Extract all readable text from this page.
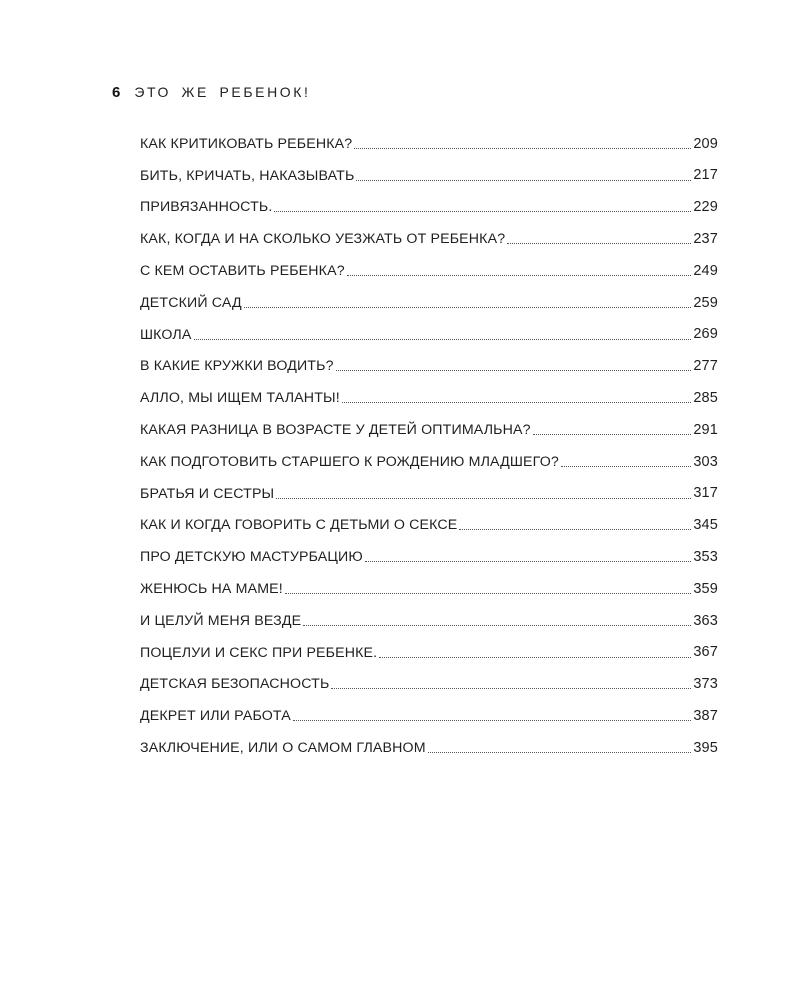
6 ЭТО ЖЕ РЕБЕНОК!
КАК КРИТИКОВАТЬ РЕБЕНКА?	209
БИТЬ, КРИЧАТЬ, НАКАЗЫВАТЬ	217
ПРИВЯЗАННОСТЬ.	229
КАК, КОГДА И НА СКОЛЬКО УЕЗЖАТЬ ОТ РЕБЕНКА?	237
С КЕМ ОСТАВИТЬ РЕБЕНКА?	249
ДЕТСКИЙ САД	259
ШКОЛА	269
В КАКИЕ КРУЖКИ ВОДИТЬ?	277
АЛЛО, МЫ ИЩЕМ ТАЛАНТЫ!	285
КАКАЯ РАЗНИЦА В ВОЗРАСТЕ У ДЕТЕЙ ОПТИМАЛЬНА?	291
КАК ПОДГОТОВИТЬ СТАРШЕГО К РОЖДЕНИЮ МЛАДШЕГО?	303
БРАТЬЯ И СЕСТРЫ	317
КАК И КОГДА ГОВОРИТЬ С ДЕТЬМИ О СЕКСЕ	345
ПРО ДЕТСКУЮ МАСТУРБАЦИЮ	353
ЖЕНЮСЬ НА МАМЕ!	359
И ЦЕЛУЙ МЕНЯ ВЕЗДЕ	363
ПОЦЕЛУИ И СЕКС ПРИ РЕБЕНКЕ.	367
ДЕТСКАЯ БЕЗОПАСНОСТЬ	373
ДЕКРЕТ ИЛИ РАБОТА	387
ЗАКЛЮЧЕНИЕ, ИЛИ О САМОМ ГЛАВНОМ	395
